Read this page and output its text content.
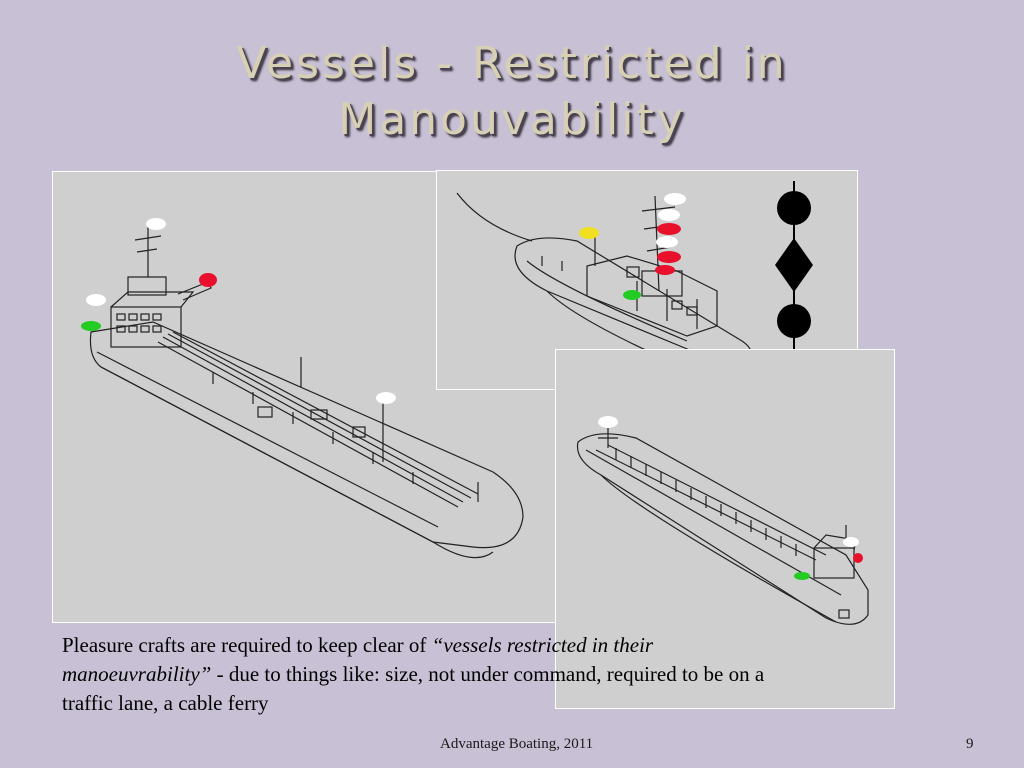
Vessels - Restricted in
Manouvability
Pleasure crafts are required to keep clear of “vessels restricted in their manoeuvrability” - due to things like: size, not under command, required to be on a traffic lane, a cable ferry
Advantage Boating, 2011	9
